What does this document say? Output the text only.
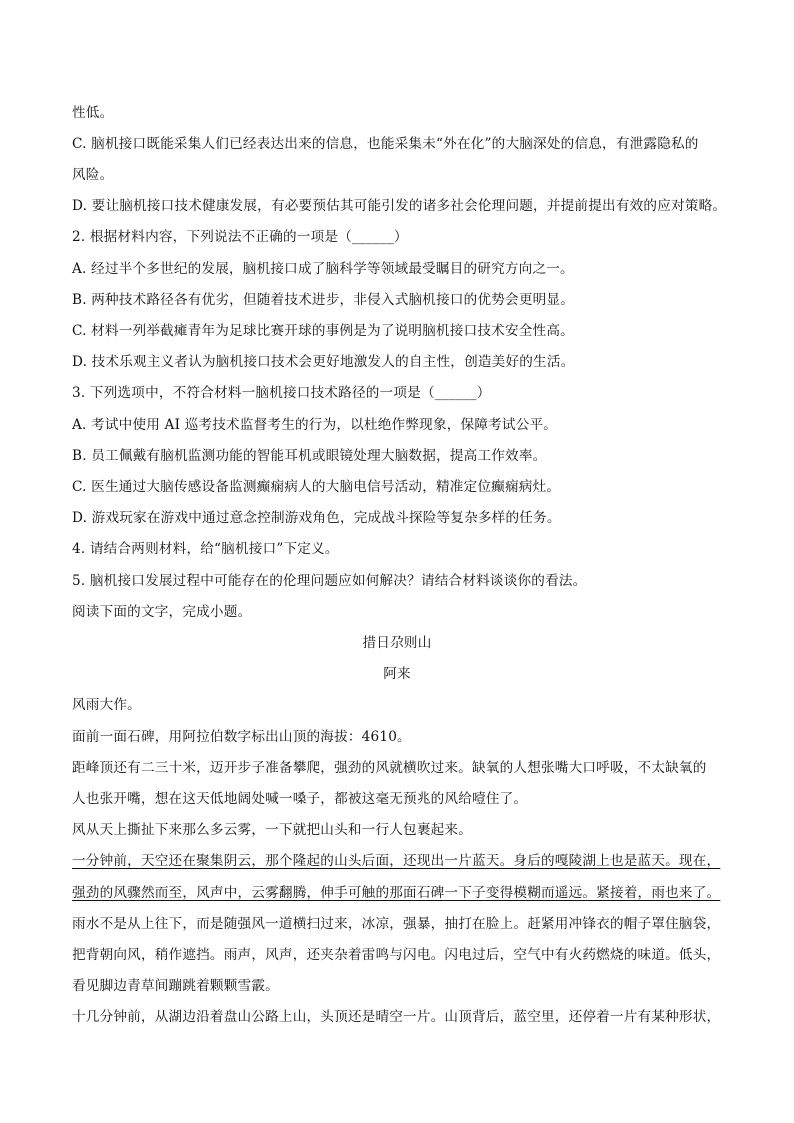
性低。
C. 脑机接口既能采集人们已经表达出来的信息，也能采集未“外在化”的大脑深处的信息，有泄露隐私的
风险。
D. 要让脑机接口技术健康发展，有必要预估其可能引发的诸多社会伦理问题，并提前提出有效的应对策略。
2. 根据材料内容，下列说法不正确的一项是（______）
A. 经过半个多世纪的发展，脑机接口成了脑科学等领域最受瞩目的研究方向之一。
B. 两种技术路径各有优劣，但随着技术进步，非侵入式脑机接口的优势会更明显。
C. 材料一列举截瘫青年为足球比赛开球的事例是为了说明脑机接口技术安全性高。
D. 技术乐观主义者认为脑机接口技术会更好地激发人的自主性，创造美好的生活。
3. 下列选项中，不符合材料一脑机接口技术路径的一项是（______）
A. 考试中使用 AI 巡考技术监督考生的行为，以杜绝作弊现象，保障考试公平。
B. 员工佩戴有脑机监测功能的智能耳机或眼镜处理大脑数据，提高工作效率。
C. 医生通过大脑传感设备监测癫痫病人的大脑电信号活动，精准定位癫痫病灶。
D. 游戏玩家在游戏中通过意念控制游戏角色，完成战斗探险等复杂多样的任务。
4. 请结合两则材料，给“脑机接口”下定义。
5. 脑机接口发展过程中可能存在的伦理问题应如何解决？请结合材料谈谈你的看法。
阅读下面的文字，完成小题。
措日尕则山
阿来
风雨大作。
面前一面石碑，用阿拉伯数字标出山顶的海拔：4610。
距峰顶还有二三十米，迈开步子准备攀爬，强劲的风就横吹过来。缺氧的人想张嘴大口呼吸，不太缺氧的
人也张开嘴，想在这天低地阔处喊一嗓子，都被这毫无预兆的风给噎住了。
风从天上撕扯下来那么多云雾，一下就把山头和一行人包裹起来。
一分钟前，天空还在聚集阴云，那个隆起的山头后面，还现出一片蓝天。身后的嘎陵湖上也是蓝天。现在，
强劲的风骤然而至，风声中，云雾翻腾，伸手可触的那面石碑一下子变得模糊而遥远。紧接着，雨也来了。
雨水不是从上往下，而是随强风一道横扫过来，冰凉，强暴，抽打在脸上。赶紧用冲锋衣的帽子罩住脑袋，
把背朝向风，稍作遮挡。雨声，风声，还夹杂着雷鸣与闪电。闪电过后，空气中有火药燃烧的味道。低头，
看见脚边青草间蹦跳着颗颗雪霰。
十几分钟前，从湖边沿着盘山公路上山，头顶还是晴空一片。山顶背后，蓝空里，还停着一片有某种形状，
